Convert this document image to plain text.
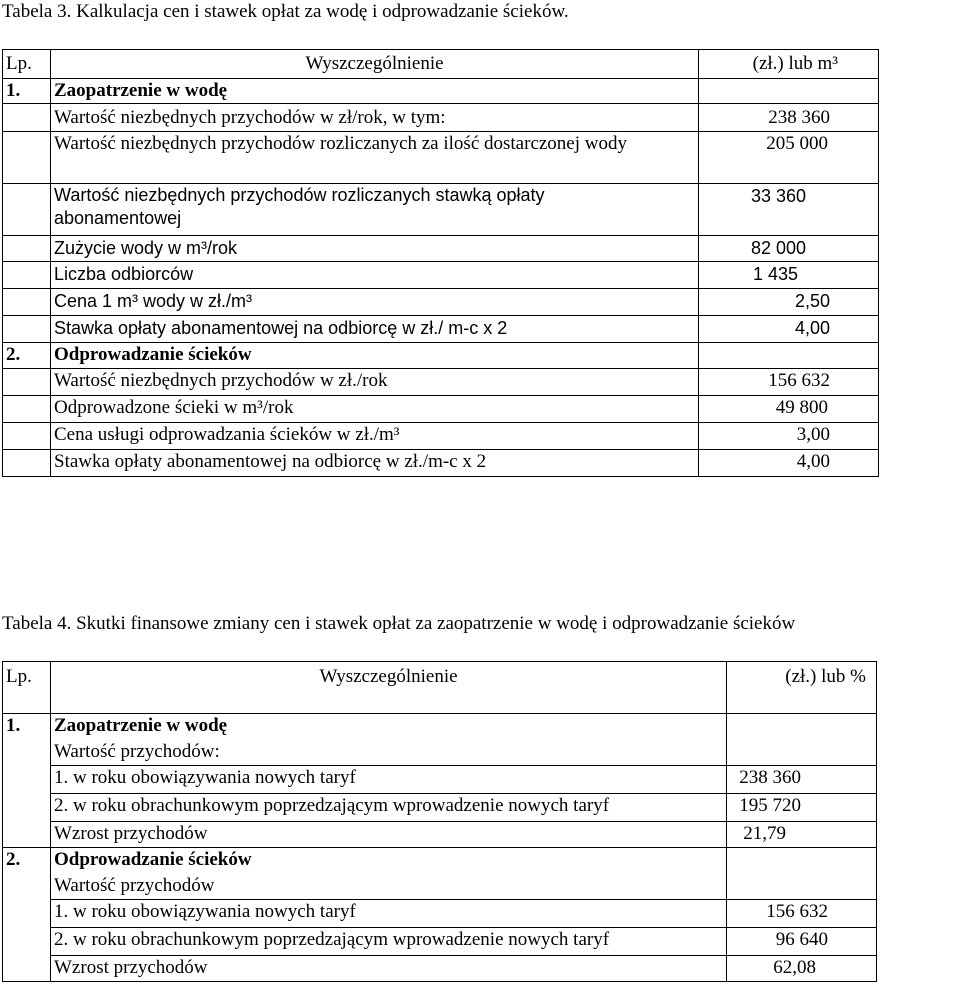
Tabela 3. Kalkulacja cen i stawek opłat za wodę i odprowadzanie ścieków.
Lp.	Wyszczególnienie	(zł.) lub m³
1.	Zaopatrzenie w wodę	
	Wartość niezbędnych przychodów w zł/rok, w tym:	238 360
	Wartość niezbędnych przychodów rozliczanych za ilość dostarczonej wody	205 000
	Wartość niezbędnych przychodów rozliczanych stawką opłaty abonamentowej	33 360
	Zużycie wody w m³/rok	82 000
	Liczba odbiorców	1 435
	Cena 1 m³ wody w zł./m³	2,50
	Stawka opłaty abonamentowej na odbiorcę w zł./ m-c x 2	4,00
2.	Odprowadzanie ścieków	
	Wartość niezbędnych przychodów w zł./rok	156 632
	Odprowadzone ścieki w m³/rok	49 800
	Cena usługi odprowadzania ścieków w zł./m³	3,00
	Stawka opłaty abonamentowej na odbiorcę w zł./m-c x 2	4,00
Tabela 4. Skutki finansowe zmiany cen i stawek opłat za zaopatrzenie w wodę i odprowadzanie ścieków
Lp.	Wyszczególnienie	(zł.) lub %
1.	Zaopatrzenie w wodę	
	Wartość przychodów:	
	1. w roku obowiązywania nowych taryf	238 360
	2. w roku obrachunkowym poprzedzającym wprowadzenie nowych taryf	195 720
	Wzrost przychodów	21,79
2.	Odprowadzanie ścieków	
	Wartość przychodów	
	1. w roku obowiązywania nowych taryf	156 632
	2. w roku obrachunkowym poprzedzającym wprowadzenie nowych taryf	96 640
	Wzrost przychodów	62,08
